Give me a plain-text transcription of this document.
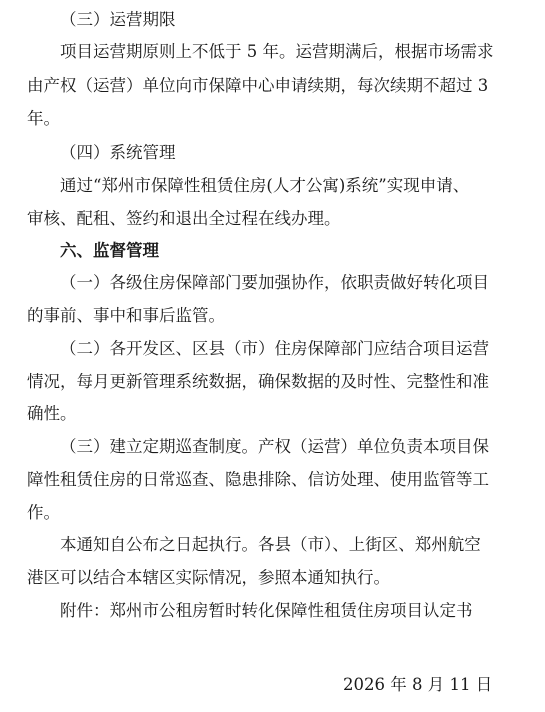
（三）运营期限
项目运营期原则上不低于 5 年。运营期满后，根据市场需求
由产权（运营）单位向市保障中心申请续期，每次续期不超过 3
年。
（四）系统管理
通过“郑州市保障性租赁住房(人才公寓)系统”实现申请、
审核、配租、签约和退出全过程在线办理。
六、监督管理
（一）各级住房保障部门要加强协作，依职责做好转化项目
的事前、事中和事后监管。
（二）各开发区、区县（市）住房保障部门应结合项目运营
情况，每月更新管理系统数据，确保数据的及时性、完整性和准
确性。
（三）建立定期巡查制度。产权（运营）单位负责本项目保
障性租赁住房的日常巡查、隐患排除、信访处理、使用监管等工
作。
本通知自公布之日起执行。各县（市）、上街区、郑州航空
港区可以结合本辖区实际情况，参照本通知执行。
附件：郑州市公租房暂时转化保障性租赁住房项目认定书
2026 年 8 月 11 日
